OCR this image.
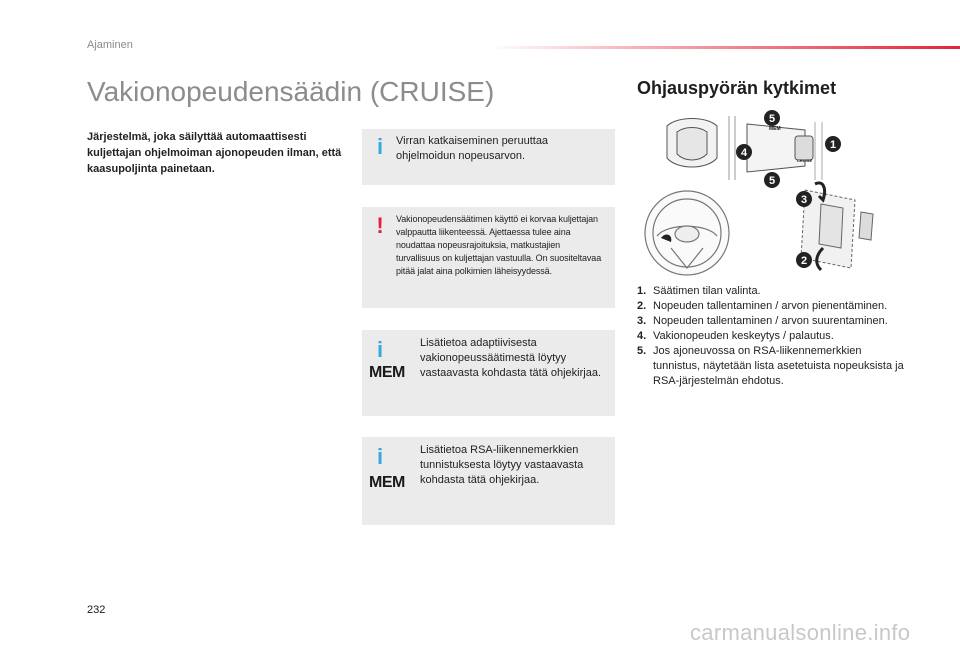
Ajaminen
Vakionopeudensäädin (CRUISE)	Ohjauspyörän kytkimet
Järjestelmä, joka säilyttää automaattisesti kuljettajan ohjelmoiman ajonopeuden ilman, että kaasupoljinta painetaan.
i	Virran katkaiseminen peruuttaa ohjelmoidun nopeusarvon.
!	Vakionopeudensäätimen käyttö ei korvaa kuljettajan valppautta liikenteessä. Ajettaessa tulee aina noudattaa nopeusrajoituksia, matkustajien turvallisuus on kuljettajan vastuulla. On suositeltavaa pitää jalat aina polkimien läheisyydessä.
i
MEM
Lisätietoa adaptiivisesta vakionopeussäätimestä löytyy vastaavasta kohdasta tätä ohjekirjaa.
i
MEM
Lisätietoa RSA-liikennemerkkien tunnistuksesta löytyy vastaavasta kohdasta tätä ohjekirjaa.
MEM
CRUISE
5
4
1
5
3
2
1. Säätimen tilan valinta.
2. Nopeuden tallentaminen / arvon pienentäminen.
3. Nopeuden tallentaminen / arvon suurentaminen.
4. Vakionopeuden keskeytys / palautus.
5. Jos ajoneuvossa on RSA-liikennemerkkien tunnistus, näytetään lista asetetuista nopeuksista ja RSA-järjestelmän ehdotus.
232
carmanualsonline.info
